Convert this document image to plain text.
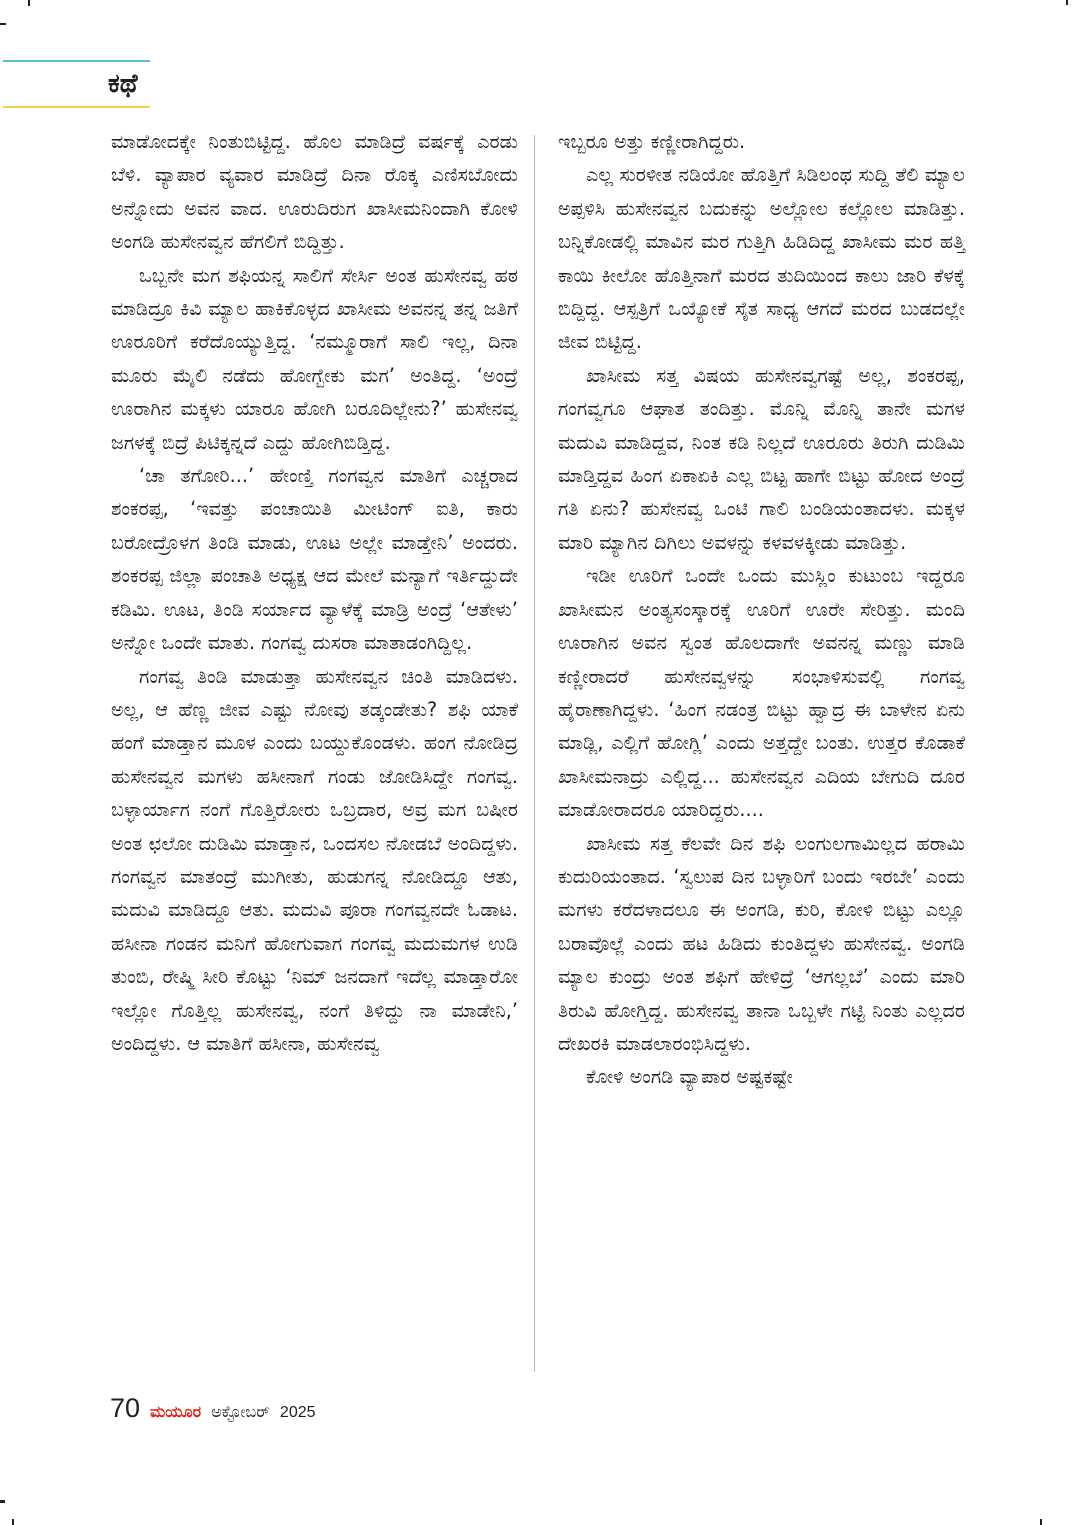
ಕಥೆ

ಮಾಡೋದಕ್ಕೇ ನಿಂತುಬಿಟ್ಟಿದ್ದ. ಹೊಲ ಮಾಡಿದ್ರೆ ವರ್ಷಕ್ಕೆ ಎರಡು ಬೆಳಿ. ವ್ಯಾಪಾರ ವ್ಯವಾರ ಮಾಡಿದ್ರೆ ದಿನಾ ರೊಕ್ಕ ಎಣಿಸಬೋದು ಅನ್ನೋದು ಅವನ ವಾದ. ಊರುದಿರುಗ ಖಾಸೀಮನಿಂದಾಗಿ ಕೋಳಿ ಅಂಗಡಿ ಹುಸೇನವ್ವನ ಹೆಗಲಿಗೆ ಬಿದ್ದಿತ್ತು.

ಒಬ್ಬನೇ ಮಗ ಶಫಿಯನ್ನ ಸಾಲಿಗೆ ಸೇರ್ಸಿ ಅಂತ ಹುಸೇನವ್ವ ಹಠ ಮಾಡಿದ್ರೂ ಕಿವಿ ಮ್ಯಾಲ ಹಾಕಿಕೊಳ್ಳದ ಖಾಸೀಮ ಅವನನ್ನ ತನ್ನ ಜತಿಗೆ ಊರೂರಿಗೆ ಕರೆದೊಯ್ಯುತ್ತಿದ್ದ. ‘ನಮ್ಮೂರಾಗೆ ಸಾಲಿ ಇಲ್ಲ, ದಿನಾ ಮೂರು ಮೈಲಿ ನಡೆದು ಹೋಗ್ಬೇಕು ಮಗ’ ಅಂತಿದ್ದ. ‘ಅಂದ್ರೆ ಊರಾಗಿನ ಮಕ್ಕಳು ಯಾರೂ ಹೋಗಿ ಬರೂದಿಲ್ಲೇನು?’ ಹುಸೇನವ್ವ ಜಗಳಕ್ಕೆ ಬಿದ್ರೆ ಪಿಟಿಕ್ಕನ್ನದೆ ಎದ್ದು ಹೋಗಿಬಿಡ್ತಿದ್ದ.

‘ಚಾ ತಗೋರಿ...’ ಹೇಂಣ್ತಿ ಗಂಗವ್ವನ ಮಾತಿಗೆ ಎಚ್ಚರಾದ ಶಂಕರಪ್ಪ, ‘ಇವತ್ತು ಪಂಚಾಯಿತಿ ಮೀಟಿಂಗ್ ಐತಿ, ಕಾರು ಬರೋದ್ರೊಳಗ ತಿಂಡಿ ಮಾಡು, ಊಟ ಅಲ್ಲೇ ಮಾಡ್ತೇನಿ’ ಅಂದರು. ಶಂಕರಪ್ಪ ಜಿಲ್ಲಾ ಪಂಚಾತಿ ಅಧ್ಯಕ್ಷ ಆದ ಮೇಲೆ ಮನ್ಯಾಗೆ ಇರ್ತಿದ್ದುದೇ ಕಡಿಮಿ. ಊಟ, ತಿಂಡಿ ಸರ್ಯಾದ ವ್ಯಾಳೆಕ್ಕೆ ಮಾಡ್ರಿ ಅಂದ್ರೆ ‘ಆತೇಳು’ ಅನ್ನೋ ಒಂದೇ ಮಾತು. ಗಂಗವ್ವ ದುಸರಾ ಮಾತಾಡಂಗಿದ್ದಿಲ್ಲ.

ಗಂಗವ್ವ ತಿಂಡಿ ಮಾಡುತ್ತಾ ಹುಸೇನವ್ವನ ಚಿಂತಿ ಮಾಡಿದಳು. ಅಲ್ಲ, ಆ ಹೆಣ್ಣ ಜೀವ ಎಷ್ಟು ನೋವು ತಡ್ಕಂಡೇತು? ಶಫಿ ಯಾಕೆ ಹಂಗೆ ಮಾಡ್ತಾನ ಮೂಳ ಎಂದು ಬಯ್ದುಕೊಂಡಳು. ಹಂಗ ನೋಡಿದ್ರ ಹುಸೇನವ್ವನ ಮಗಳು ಹಸೀನಾಗೆ ಗಂಡು ಜೋಡಿಸಿದ್ದೇ ಗಂಗವ್ವ. ಬಳ್ಳಾರ್ಯಾಗ ನಂಗೆ ಗೊತ್ತಿರೋರು ಒಬ್ರದಾರ, ಅವ್ರ ಮಗ ಬಷೀರ ಅಂತ ಛಲೋ ದುಡಿಮಿ ಮಾಡ್ತಾನ, ಒಂದಸಲ ನೋಡಬೆ ಅಂದಿದ್ದಳು. ಗಂಗವ್ವನ ಮಾತಂದ್ರೆ ಮುಗೀತು, ಹುಡುಗನ್ನ ನೋಡಿದ್ದೂ ಆತು, ಮದುವಿ ಮಾಡಿದ್ದೂ ಆತು. ಮದುವಿ ಪೂರಾ ಗಂಗವ್ವನದೇ ಓಡಾಟ. ಹಸೀನಾ ಗಂಡನ ಮನಿಗೆ ಹೋಗುವಾಗ ಗಂಗವ್ವ ಮದುಮಗಳ ಉಡಿ ತುಂಬಿ, ರೇಷ್ಮಿ ಸೀರಿ ಕೊಟ್ಟು ‘ನಿಮ್ ಜನದಾಗೆ ಇದೆಲ್ಲ ಮಾಡ್ತಾರೋ ಇಲ್ಲೋ ಗೊತ್ತಿಲ್ಲ ಹುಸೇನವ್ವ, ನಂಗೆ ತಿಳಿದ್ದು ನಾ ಮಾಡೇನಿ,’ ಅಂದಿದ್ದಳು. ಆ ಮಾತಿಗೆ ಹಸೀನಾ, ಹುಸೇನವ್ವ

ಇಬ್ಬರೂ ಅತ್ತು ಕಣ್ಣೀರಾಗಿದ್ದರು.

ಎಲ್ಲ ಸುರಳೀತ ನಡಿಯೋ ಹೊತ್ತಿಗೆ ಸಿಡಿಲಂಥ ಸುದ್ದಿ ತೆಲಿ ಮ್ಯಾಲ ಅಪ್ಪಳಿಸಿ ಹುಸೇನವ್ವನ ಬದುಕನ್ನು ಅಲ್ಲೋಲ ಕಲ್ಲೋಲ ಮಾಡಿತ್ತು. ಬನ್ನಿಕೋಡಲ್ಲಿ ಮಾವಿನ ಮರ ಗುತ್ತಿಗಿ ಹಿಡಿದಿದ್ದ ಖಾಸೀಮ ಮರ ಹತ್ತಿ ಕಾಯಿ ಕೀಲೋ ಹೊತ್ತಿನಾಗೆ ಮರದ ತುದಿಯಿಂದ ಕಾಲು ಜಾರಿ ಕೆಳಕ್ಕೆ ಬಿದ್ದಿದ್ದ. ಆಸ್ಪತ್ರಿಗೆ ಒಯ್ಯೋಕೆ ಸೈತ ಸಾಧ್ಯ ಆಗದೆ ಮರದ ಬುಡದಲ್ಲೇ ಜೀವ ಬಿಟ್ಟಿದ್ದ.

ಖಾಸೀಮ ಸತ್ತ ವಿಷಯ ಹುಸೇನವ್ವಗಷ್ಟೆ ಅಲ್ಲ, ಶಂಕರಪ್ಪ, ಗಂಗವ್ವಗೂ ಆಘಾತ ತಂದಿತ್ತು. ಮೊನ್ನಿ ಮೊನ್ನಿ ತಾನೇ ಮಗಳ ಮದುವಿ ಮಾಡಿದ್ದವ, ನಿಂತ ಕಡಿ ನಿಲ್ಲದೆ ಊರೂರು ತಿರುಗಿ ದುಡಿಮಿ ಮಾಡ್ತಿದ್ದವ ಹಿಂಗ ಏಕಾಏಕಿ ಎಲ್ಲ ಬಿಟ್ಟ ಹಾಗೇ ಬಿಟ್ಟು ಹೋದ ಅಂದ್ರೆ ಗತಿ ಏನು? ಹುಸೇನವ್ವ ಒಂಟಿ ಗಾಲಿ ಬಂಡಿಯಂತಾದಳು. ಮಕ್ಕಳ ಮಾರಿ ಮ್ಯಾಗಿನ ದಿಗಿಲು ಅವಳನ್ನು ಕಳವಳಕ್ಕೀಡು ಮಾಡಿತ್ತು.

ಇಡೀ ಊರಿಗೆ ಒಂದೇ ಒಂದು ಮುಸ್ಲಿಂ ಕುಟುಂಬ ಇದ್ದರೂ ಖಾಸೀಮನ ಅಂತ್ಯಸಂಸ್ಕಾರಕ್ಕೆ ಊರಿಗೆ ಊರೇ ಸೇರಿತ್ತು. ಮಂದಿ ಊರಾಗಿನ ಅವನ ಸ್ವಂತ ಹೊಲದಾಗೇ ಅವನನ್ನ ಮಣ್ಣು ಮಾಡಿ ಕಣ್ಣೀರಾದರೆ ಹುಸೇನವ್ವಳನ್ನು ಸಂಭಾಳಿಸುವಲ್ಲಿ ಗಂಗವ್ವ ಹೈರಾಣಾಗಿದ್ದಳು. ‘ಹಿಂಗ ನಡಂತ್ರ ಬಿಟ್ಟು ಹ್ವಾದ್ರ ಈ ಬಾಳೇನ ಏನು ಮಾಡ್ಲಿ, ಎಲ್ಲಿಗೆ ಹೋಗ್ಲಿ’ ಎಂದು ಅತ್ತದ್ದೇ ಬಂತು. ಉತ್ತರ ಕೊಡಾಕೆ ಖಾಸೀಮನಾದ್ರು ಎಲ್ಲಿದ್ದ... ಹುಸೇನವ್ವನ ಎದಿಯ ಬೇಗುದಿ ದೂರ ಮಾಡೋರಾದರೂ ಯಾರಿದ್ದರು....

ಖಾಸೀಮ ಸತ್ತ ಕೆಲವೇ ದಿನ ಶಫಿ ಲಂಗುಲಗಾಮಿಲ್ಲದ ಹರಾಮಿ ಕುದುರಿಯಂತಾದ. ‘ಸ್ವಲುಪ ದಿನ ಬಳ್ಳಾರಿಗೆ ಬಂದು ಇರಬೇ’ ಎಂದು ಮಗಳು ಕರೆದಳಾದಲೂ ಈ ಅಂಗಡಿ, ಕುರಿ, ಕೋಳಿ ಬಿಟ್ಟು ಎಲ್ಲೂ ಬರಾವೊಲ್ಲೆ ಎಂದು ಹಟ ಹಿಡಿದು ಕುಂತಿದ್ದಳು ಹುಸೇನವ್ವ. ಅಂಗಡಿ ಮ್ಯಾಲ ಕುಂದ್ರು ಅಂತ ಶಫಿಗೆ ಹೇಳಿದ್ರೆ ‘ಆಗಲ್ಲಬೆ’ ಎಂದು ಮಾರಿ ತಿರುವಿ ಹೋಗ್ತಿದ್ದ. ಹುಸೇನವ್ವ ತಾನಾ ಒಬ್ಬಳೇ ಗಟ್ಟಿ ನಿಂತು ಎಲ್ಲದರ ದೇಖರಕಿ ಮಾಡಲಾರಂಭಿಸಿದ್ದಳು.

ಕೋಳಿ ಅಂಗಡಿ ವ್ಯಾಪಾರ ಅಷ್ಟಕಷ್ಟೇ

70 ಮಯೂರ ಅಕ್ಟೋಬರ್ 2025
